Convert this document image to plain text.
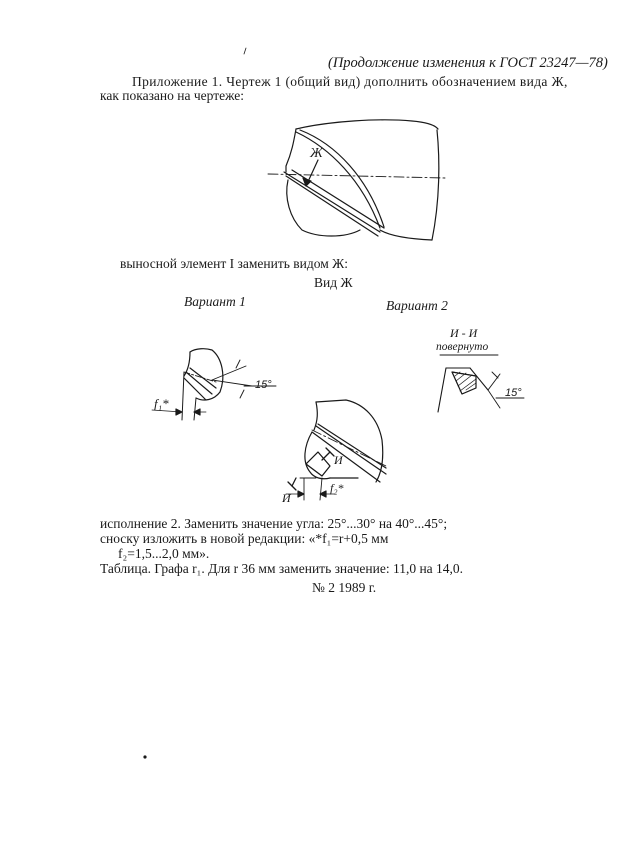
(Продолжение изменения к ГОСТ 23247—78)
Приложение 1. Чертеж 1 (общий вид) дополнить обозначением вида Ж,
как показано на чертеже:
выносной элемент I заменить видом Ж:
Вид Ж
Вариант 1	Вариант 2
И - И
повернуто
исполнение 2. Заменить значение угла: 25°...30° на 40°...45°;
сноску изложить в новой редакции: «*f₁=r+0,5 мм
f₂=1,5...2,0 мм».
Таблица. Графа r₁. Для r 36 мм заменить значение: 11,0 на 14,0.
№ 2 1989 г.
Ж
15°
f₁*
15°
И
И
f₂*
